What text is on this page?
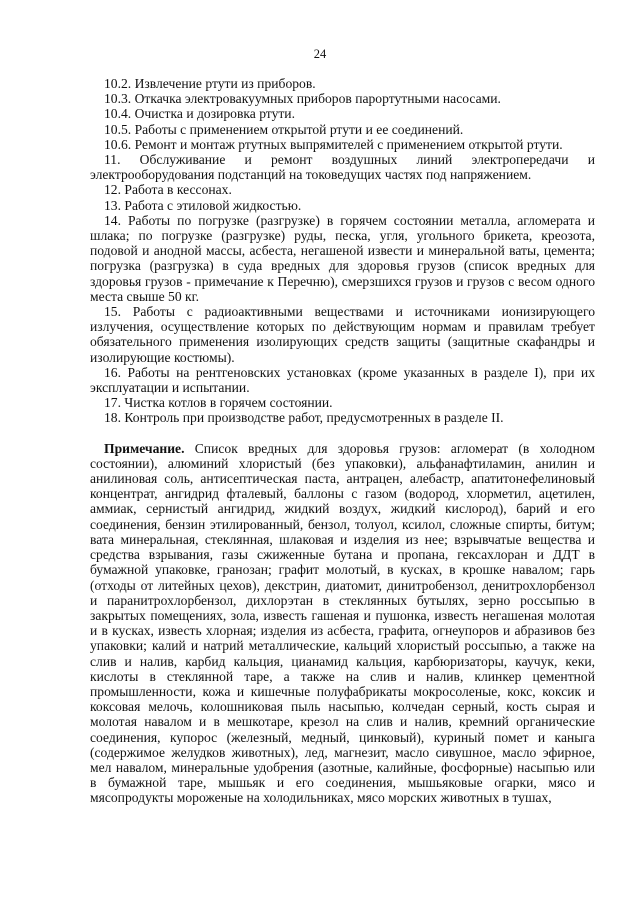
24

10.2. Извлечение ртути из приборов.

10.3. Откачка электровакуумных приборов парортутными насосами.

10.4. Очистка и дозировка ртути.

10.5. Работы с применением открытой ртути и ее соединений.

10.6. Ремонт и монтаж ртутных выпрямителей с применением открытой ртути.

11. Обслуживание и ремонт воздушных линий электропередачи и электрооборудования подстанций на токоведущих частях под напряжением.

12. Работа в кессонах.

13. Работа с этиловой жидкостью.

14. Работы по погрузке (разгрузке) в горячем состоянии металла, агломерата и шлака; по погрузке (разгрузке) руды, песка, угля, угольного брикета, креозота, подовой и анодной массы, асбеста, негашеной извести и минеральной ваты, цемента; погрузка (разгрузка) в суда вредных для здоровья грузов (список вредных для здоровья грузов - примечание к Перечню), смерзшихся грузов и грузов с весом одного места свыше 50 кг.

15. Работы с радиоактивными веществами и источниками ионизирующего излучения, осуществление которых по действующим нормам и правилам требует обязательного применения изолирующих средств защиты (защитные скафандры и изолирующие костюмы).

16. Работы на рентгеновских установках (кроме указанных в разделе I), при их эксплуатации и испытании.

17. Чистка котлов в горячем состоянии.

18. Контроль при производстве работ, предусмотренных в разделе II.

Примечание. Список вредных для здоровья грузов: агломерат (в холодном состоянии), алюминий хлористый (без упаковки), альфанафтиламин, анилин и анилиновая соль, антисептическая паста, антрацен, алебастр, апатитонефелиновый концентрат, ангидрид фталевый, баллоны с газом (водород, хлорметил, ацетилен, аммиак, сернистый ангидрид, жидкий воздух, жидкий кислород), барий и его соединения, бензин этилированный, бензол, толуол, ксилол, сложные спирты, битум; вата минеральная, стеклянная, шлаковая и изделия из нее; взрывчатые вещества и средства взрывания, газы сжиженные бутана и пропана, гексахлоран и ДДТ в бумажной упаковке, гранозан; графит молотый, в кусках, в крошке навалом; гарь (отходы от литейных цехов), декстрин, диатомит, динитробензол, денитрохлорбензол и паранитрохлорбензол, дихлорэтан в стеклянных бутылях, зерно россыпью в закрытых помещениях, зола, известь гашеная и пушонка, известь негашеная молотая и в кусках, известь хлорная; изделия из асбеста, графита, огнеупоров и абразивов без упаковки; калий и натрий металлические, кальций хлористый россыпью, а также на слив и налив, карбид кальция, цианамид кальция, карбюризаторы, каучук, кеки, кислоты в стеклянной таре, а также на слив и налив, клинкер цементной промышленности, кожа и кишечные полуфабрикаты мокросоленые, кокс, коксик и коксовая мелочь, колошниковая пыль насыпью, колчедан серный, кость сырая и молотая навалом и в мешкотаре, крезол на слив и налив, кремний органические соединения, купорос (железный, медный, цинковый), куриный помет и каныга (содержимое желудков животных), лед, магнезит, масло сивушное, масло эфирное, мел навалом, минеральные удобрения (азотные, калийные, фосфорные) насыпью или в бумажной таре, мышьяк и его соединения, мышьяковые огарки, мясо и мясопродукты мороженые на холодильниках, мясо морских животных в тушах,
